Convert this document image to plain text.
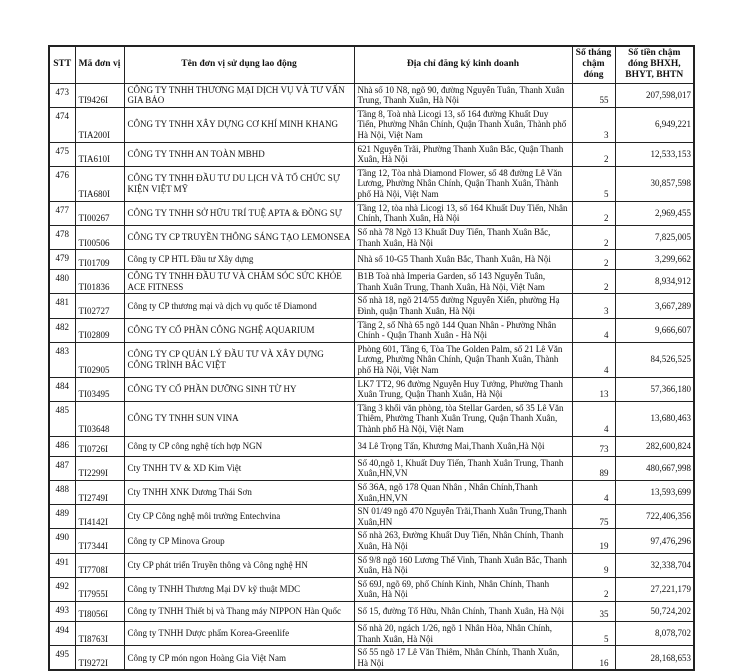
STT	Mã đơn vị	Tên đơn vị sử dụng lao động	Địa chỉ đăng ký kinh doanh	Số tháng chậm đóng	Số tiền chậm đóng BHXH, BHYT, BHTN
473	TI9426I	CÔNG TY TNHH THƯƠNG MẠI DỊCH VỤ VÀ TƯ VẤN GIA BẢO	Nhà số 10 N8, ngõ 90, đường Nguyễn Tuân, Thanh Xuân Trung, Thanh Xuân, Hà Nội	55	207,598,017
474	TIA200I	CÔNG TY TNHH XÂY DỰNG CƠ KHÍ MINH KHANG	Tầng 8, Toà nhà Licogi 13, số 164 đường Khuất Duy Tiến, Phường Nhân Chính, Quận Thanh Xuân, Thành phố Hà Nội, Việt Nam	3	6,949,221
475	TIA610I	CÔNG TY TNHH AN TOÀN MBHD	621 Nguyễn Trãi, Phường Thanh Xuân Bắc, Quận Thanh Xuân, Hà Nội	2	12,533,153
476	TIA680I	CÔNG TY TNHH ĐẦU TƯ DU LỊCH VÀ TỔ CHỨC SỰ KIỆN VIỆT MỸ	Tầng 12, Tòa nhà Diamond Flower, số 48 đường Lê Văn Lương, Phường Nhân Chính, Quận Thanh Xuân, Thành phố Hà Nội, Việt Nam	5	30,857,598
477	TI00267	CÔNG TY TNHH SỞ HỮU TRÍ TUỆ APTA & ĐỒNG SỰ	Tầng 12, tòa nhà Licogi 13, số 164 Khuất Duy Tiến, Nhân Chính, Thanh Xuân, Hà Nội	2	2,969,455
478	TI00506	CÔNG TY CP TRUYỀN THÔNG SÁNG TẠO LEMONSEA	Số nhà 78 Ngõ 13 Khuất Duy Tiến, Thanh Xuân Bắc, Thanh Xuân, Hà Nội	2	7,825,005
479	TI01709	Công ty CP HTL Đầu tư Xây dựng	Nhà số 10-G5 Thanh Xuân Bắc, Thanh Xuân, Hà Nội	2	3,299,662
480	TI01836	CÔNG TY TNHH ĐẦU TƯ VÀ CHĂM SÓC SỨC KHỎE ACE FITNESS	B1B Toà nhà Imperia Garden, số 143 Nguyễn Tuân, Thanh Xuân Trung, Thanh Xuân, Hà Nội, Việt Nam	2	8,934,912
481	TI02727	Công ty CP thương mại và dịch vụ quốc tế Diamond	Số nhà 18, ngõ 214/55 đường Nguyễn Xiển, phường Hạ Đình, quận Thanh Xuân, Hà Nội	3	3,667,289
482	TI02809	CÔNG TY CỔ PHẦN CÔNG NGHỆ AQUARIUM	Tầng 2, số Nhà 65 ngõ 144 Quan Nhân - Phường Nhân Chính - Quận Thanh Xuân - Hà Nội	4	9,666,607
483	TI02905	CÔNG TY CP QUẢN LÝ ĐẦU TƯ VÀ XÂY DỰNG CÔNG TRÌNH BẮC VIỆT	Phòng 601, Tầng 6, Tòa The Golden Palm, số 21 Lê Văn Lương, Phường Nhân Chính, Quận Thanh Xuân, Thành phố Hà Nội, Việt Nam	4	84,526,525
484	TI03495	CÔNG TY CỔ PHẦN DƯỠNG SINH TỪ HY	LK7 TT2, 96 đường Nguyễn Huy Tưởng, Phường Thanh Xuân Trung, Quận Thanh Xuân, Hà Nội	13	57,366,180
485	TI03648	CÔNG TY TNHH SUN VINA	Tầng 3 khối văn phòng, tòa Stellar Garden, số 35 Lê Văn Thiêm, Phường Thanh Xuân Trung, Quận Thanh Xuân, Thành phố Hà Nội, Việt Nam	4	13,680,463
486	TI0726I	Công ty CP công nghệ tích hợp NGN	34 Lê Trọng Tấn, Khương Mai,Thanh Xuân,Hà Nội	73	282,600,824
487	TI2299I	Cty TNHH TV & XD Kim Việt	Số 40,ngõ 1, Khuất Duy Tiến, Thanh Xuân Trung, Thanh Xuân,HN,VN	89	480,667,998
488	TI2749I	Cty TNHH XNK Dương Thái Sơn	Số 36A, ngõ 178 Quan Nhân , Nhân Chính,Thanh Xuân,HN,VN	4	13,593,699
489	TI4142I	Cty CP Công nghệ môi trường Entechvina	SN 01/49 ngõ 470 Nguyễn Trãi,Thanh Xuân Trung,Thanh Xuân,HN	75	722,406,356
490	TI7344I	Công ty CP Minova Group	Số nhà 263, Đường Khuất Duy Tiến, Nhân Chính, Thanh Xuân, Hà Nội	19	97,476,296
491	TI7708I	Cty CP phát triển Truyền thông và Công nghệ HN	Số 9/8 ngõ 160 Lương Thế Vinh, Thanh Xuân Bắc, Thanh Xuân, Hà Nội	9	32,338,704
492	TI7955I	Công ty TNHH Thương Mại DV kỹ thuật MDC	Số 69J, ngõ 69, phố Chính Kinh, Nhân Chính, Thanh Xuân, Hà Nội	2	27,221,179
493	TI8056I	Công ty TNHH Thiết bị và Thang máy NIPPON Hàn Quốc	Số 15, đường Tố Hữu, Nhân Chính, Thanh Xuân, Hà Nội	35	50,724,202
494	TI8763I	Công ty TNHH Dược phẩm Korea-Greenlife	Số nhà 20, ngách 1/26, ngõ 1 Nhân Hòa, Nhân Chính, Thanh Xuân, Hà Nội	5	8,078,702
495	TI9272I	Công ty CP món ngon Hoàng Gia Việt Nam	Số 55 ngõ 17 Lê Văn Thiêm, Nhân Chính, Thanh Xuân, Hà Nội	16	28,168,653
